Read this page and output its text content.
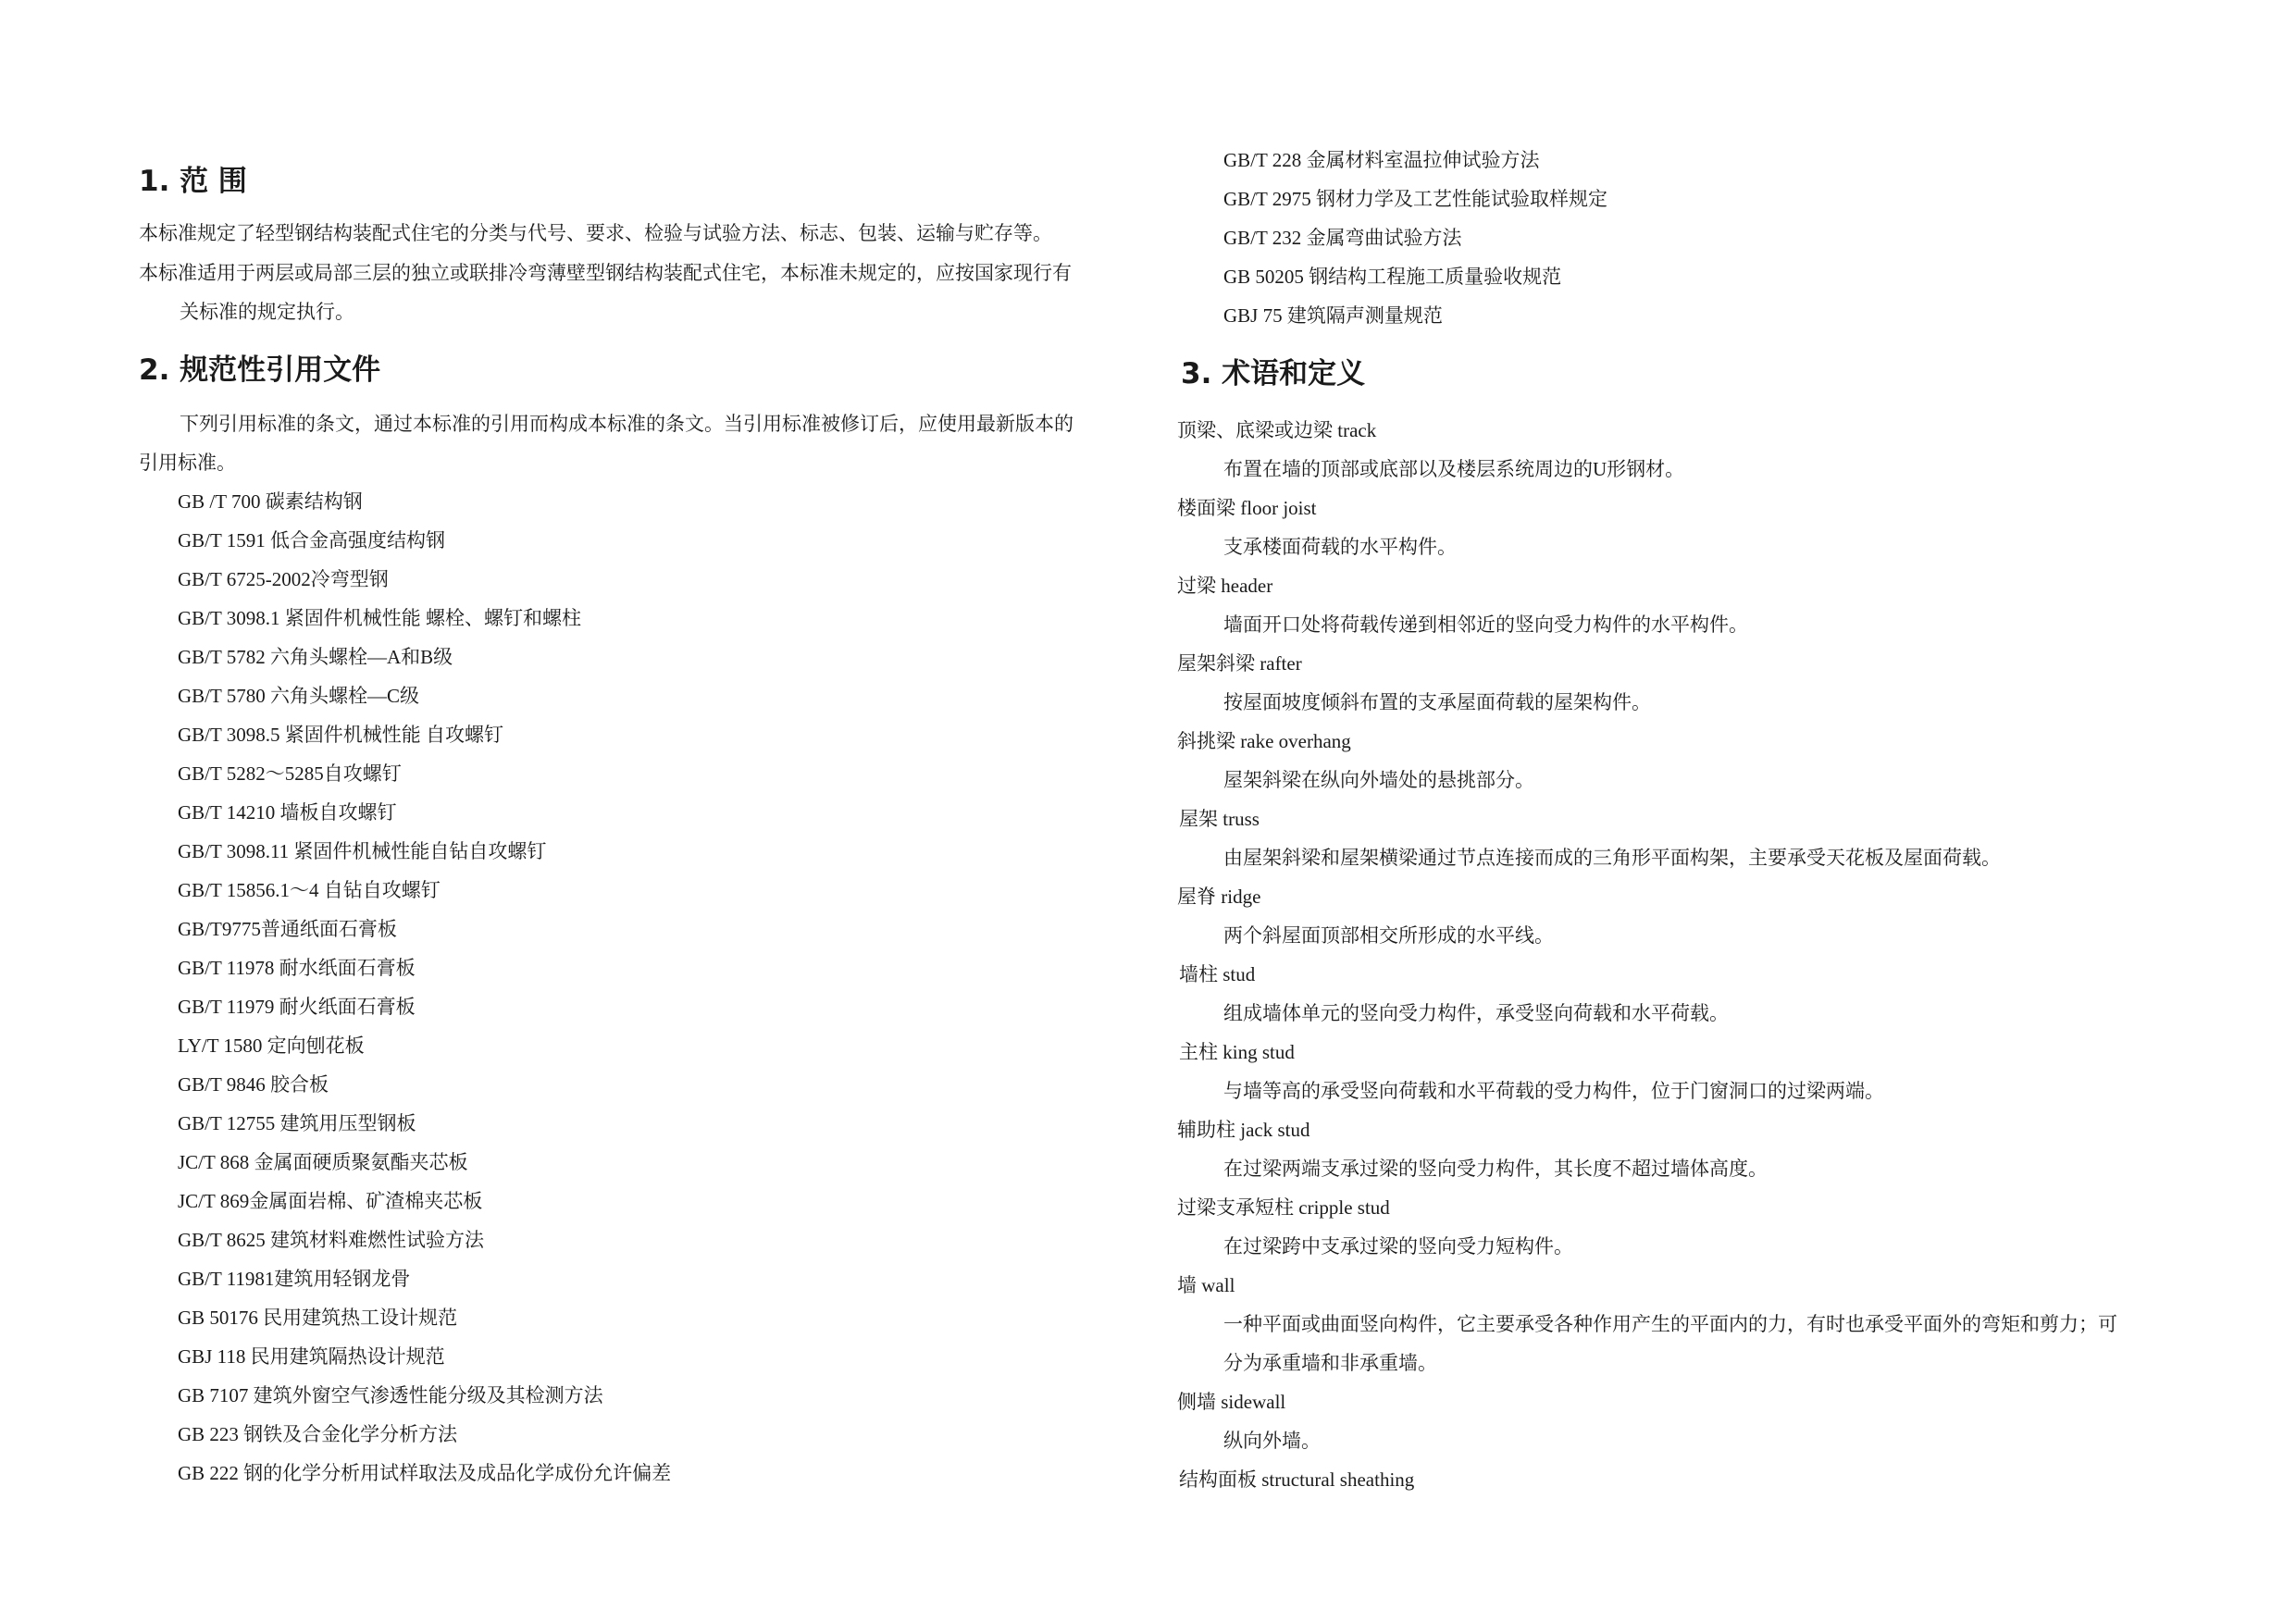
1. 范 围
本标准规定了轻型钢结构装配式住宅的分类与代号、要求、检验与试验方法、标志、包装、运输与贮存等。
本标准适用于两层或局部三层的独立或联排冷弯薄壁型钢结构装配式住宅，本标准未规定的，应按国家现行有
关标准的规定执行。
2. 规范性引用文件
下列引用标准的条文，通过本标准的引用而构成本标准的条文。当引用标准被修订后，应使用最新版本的
引用标准。
GB /T 700 碳素结构钢
GB/T 1591 低合金高强度结构钢
GB/T 6725-2002冷弯型钢
GB/T 3098.1 紧固件机械性能 螺栓、螺钉和螺柱
GB/T 5782 六角头螺栓—A和B级
GB/T 5780 六角头螺栓—C级
GB/T 3098.5 紧固件机械性能 自攻螺钉
GB/T 5282～5285自攻螺钉
GB/T 14210 墙板自攻螺钉
GB/T 3098.11 紧固件机械性能自钻自攻螺钉
GB/T 15856.1～4 自钻自攻螺钉
GB/T9775普通纸面石膏板
GB/T 11978 耐水纸面石膏板
GB/T 11979 耐火纸面石膏板
LY/T 1580 定向刨花板
GB/T 9846 胶合板
GB/T 12755 建筑用压型钢板
JC/T 868 金属面硬质聚氨酯夹芯板
JC/T 869金属面岩棉、矿渣棉夹芯板
GB/T 8625 建筑材料难燃性试验方法
GB/T 11981建筑用轻钢龙骨
GB 50176 民用建筑热工设计规范
GBJ 118 民用建筑隔热设计规范
GB 7107 建筑外窗空气渗透性能分级及其检测方法
GB 223 钢铁及合金化学分析方法
GB 222 钢的化学分析用试样取法及成品化学成份允许偏差
GB/T 228 金属材料室温拉伸试验方法
GB/T 2975 钢材力学及工艺性能试验取样规定
GB/T 232 金属弯曲试验方法
GB 50205 钢结构工程施工质量验收规范
GBJ 75 建筑隔声测量规范
3. 术语和定义
顶梁、底梁或边梁 track
布置在墙的顶部或底部以及楼层系统周边的U形钢材。
楼面梁 floor joist
支承楼面荷载的水平构件。
过梁 header
墙面开口处将荷载传递到相邻近的竖向受力构件的水平构件。
屋架斜梁 rafter
按屋面坡度倾斜布置的支承屋面荷载的屋架构件。
斜挑梁 rake overhang
屋架斜梁在纵向外墙处的悬挑部分。
屋架 truss
由屋架斜梁和屋架横梁通过节点连接而成的三角形平面构架，主要承受天花板及屋面荷载。
屋脊 ridge
两个斜屋面顶部相交所形成的水平线。
墙柱 stud
组成墙体单元的竖向受力构件，承受竖向荷载和水平荷载。
主柱 king stud
与墙等高的承受竖向荷载和水平荷载的受力构件，位于门窗洞口的过梁两端。
辅助柱 jack stud
在过梁两端支承过梁的竖向受力构件，其长度不超过墙体高度。
过梁支承短柱 cripple stud
在过梁跨中支承过梁的竖向受力短构件。
墙 wall
一种平面或曲面竖向构件，它主要承受各种作用产生的平面内的力，有时也承受平面外的弯矩和剪力；可
分为承重墙和非承重墙。
侧墙 sidewall
纵向外墙。
结构面板 structural sheathing
